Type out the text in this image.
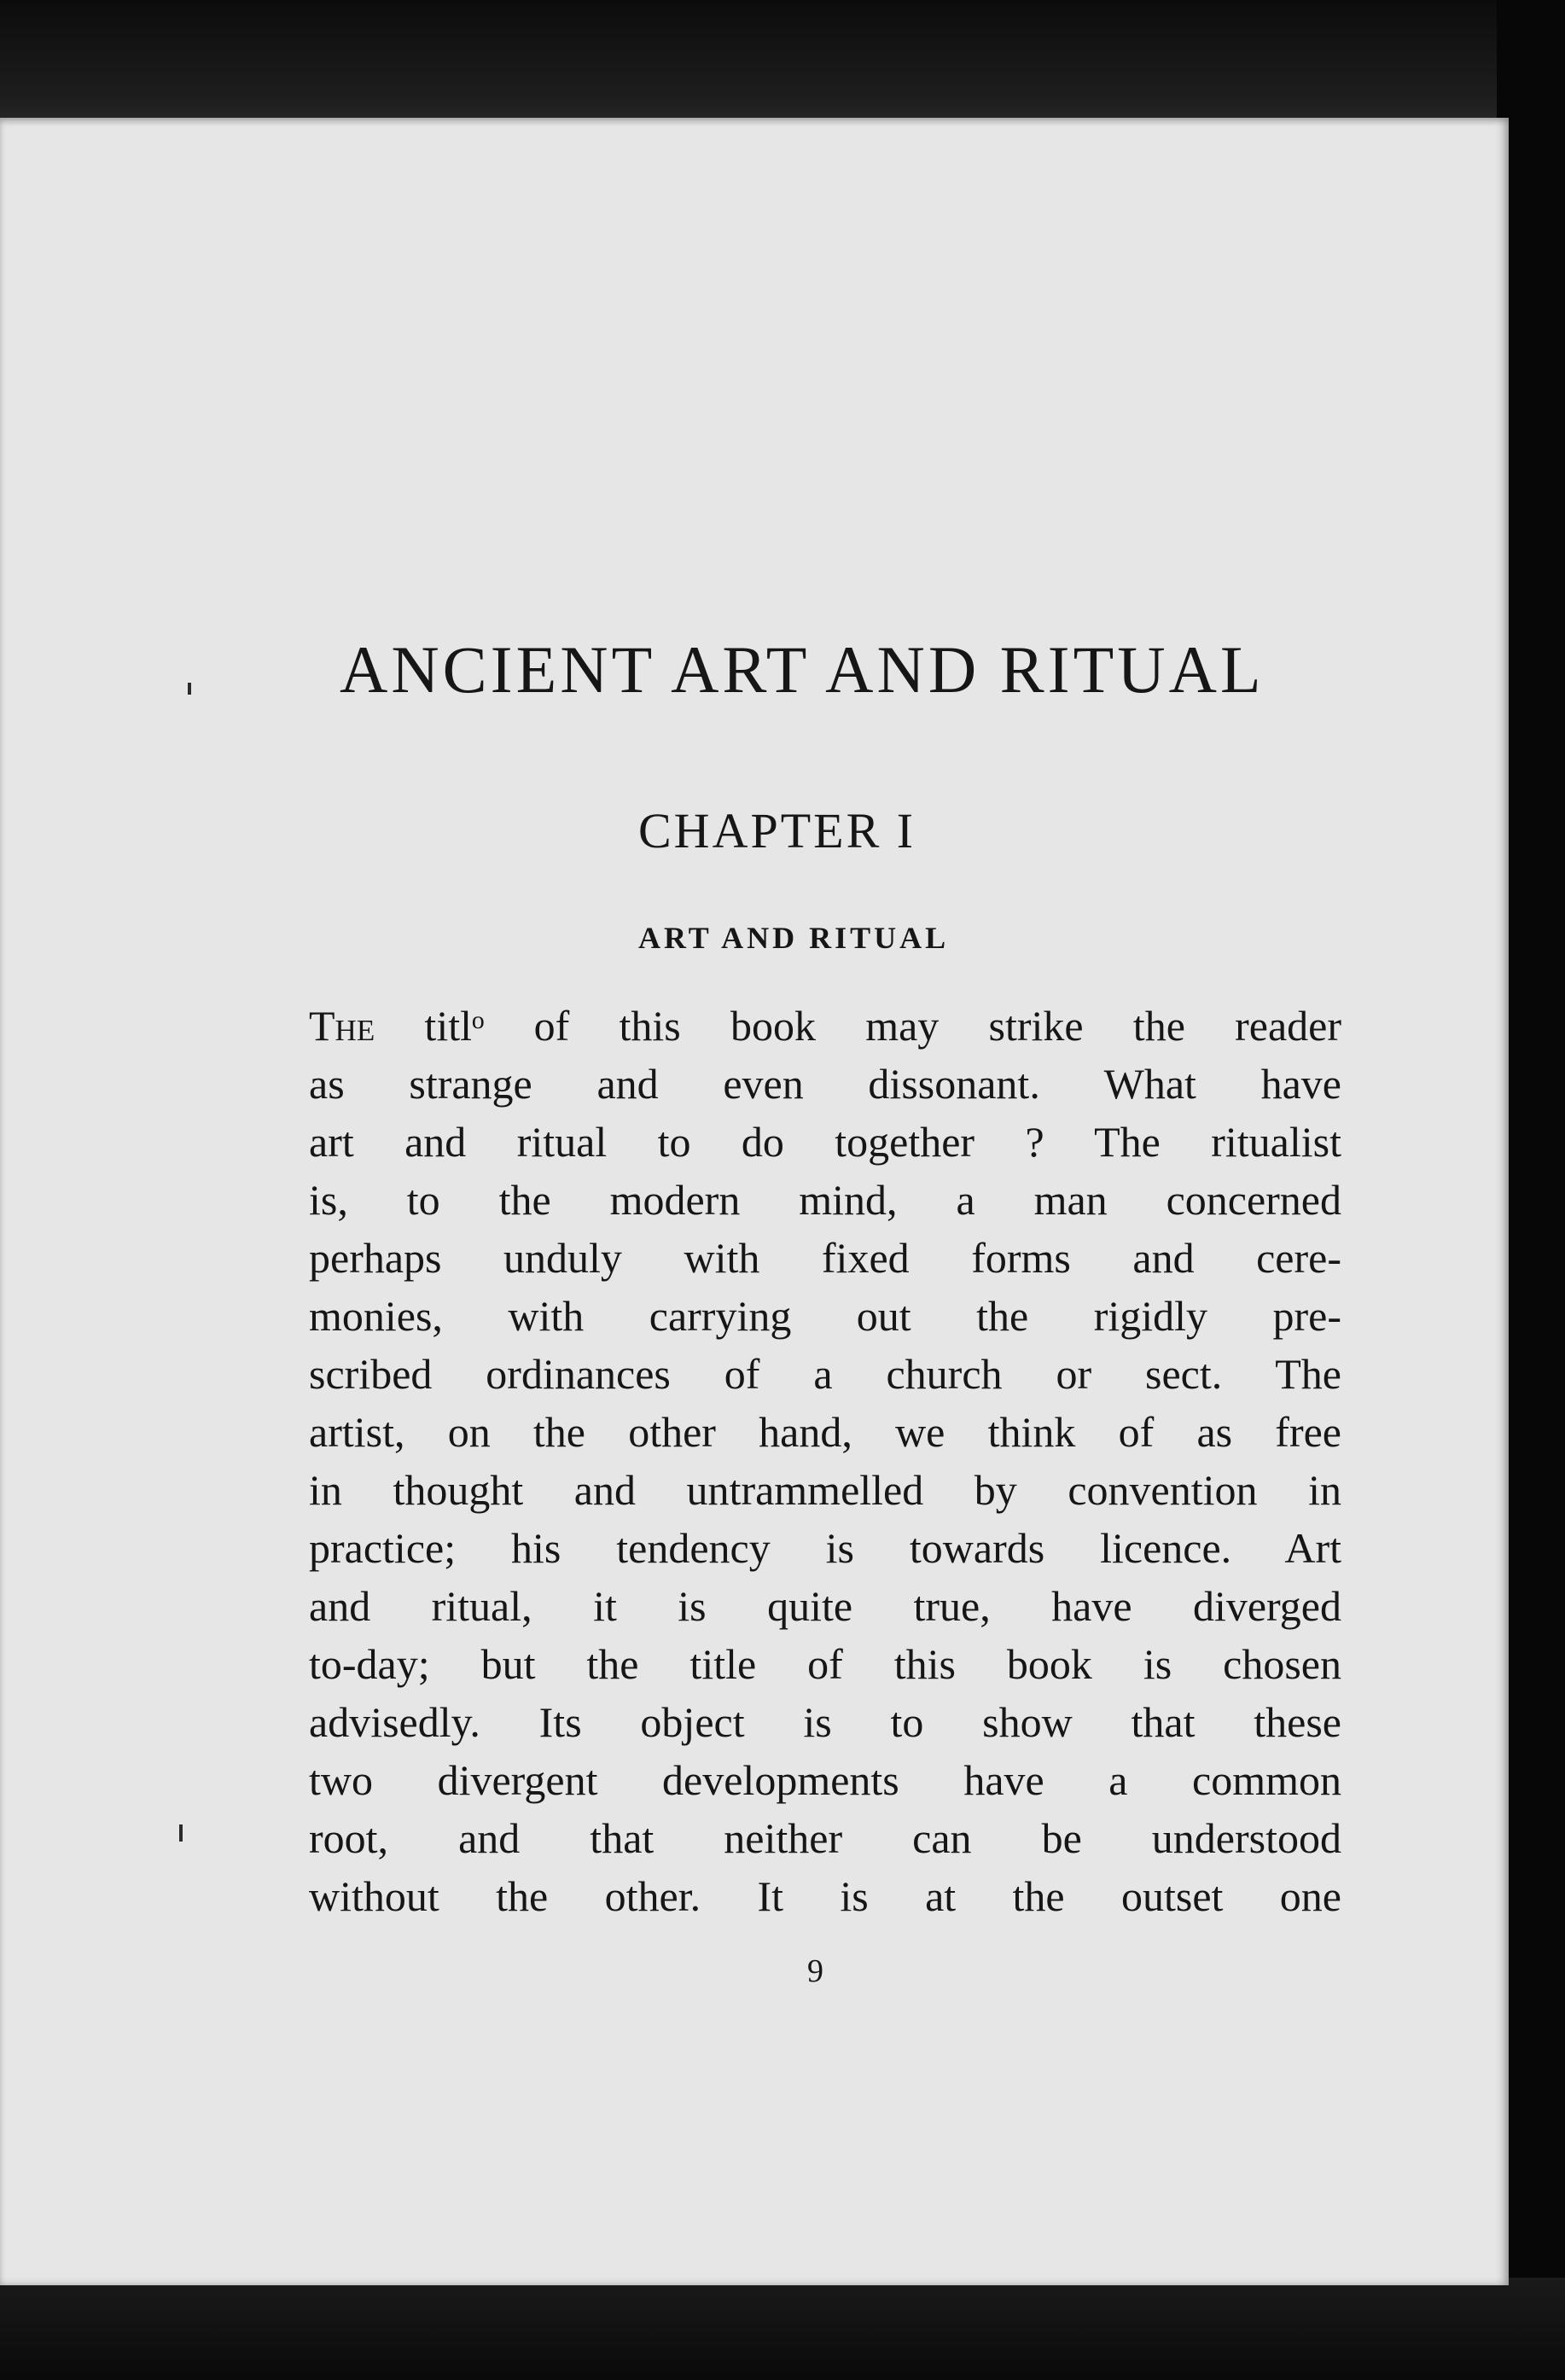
ANCIENT ART AND RITUAL
CHAPTER I
ART AND RITUAL
The titlᵒ of this book may strike the reader
as strange and even dissonant. What have
art and ritual to do together ? The ritualist
is, to the modern mind, a man concerned
perhaps unduly with fixed forms and cere-
monies, with carrying out the rigidly pre-
scribed ordinances of a church or sect. The
artist, on the other hand, we think of as free
in thought and untrammelled by convention in
practice; his tendency is towards licence. Art
and ritual, it is quite true, have diverged
to-day; but the title of this book is chosen
advisedly. Its object is to show that these
two divergent developments have a common
root, and that neither can be understood
without the other. It is at the outset one
9
